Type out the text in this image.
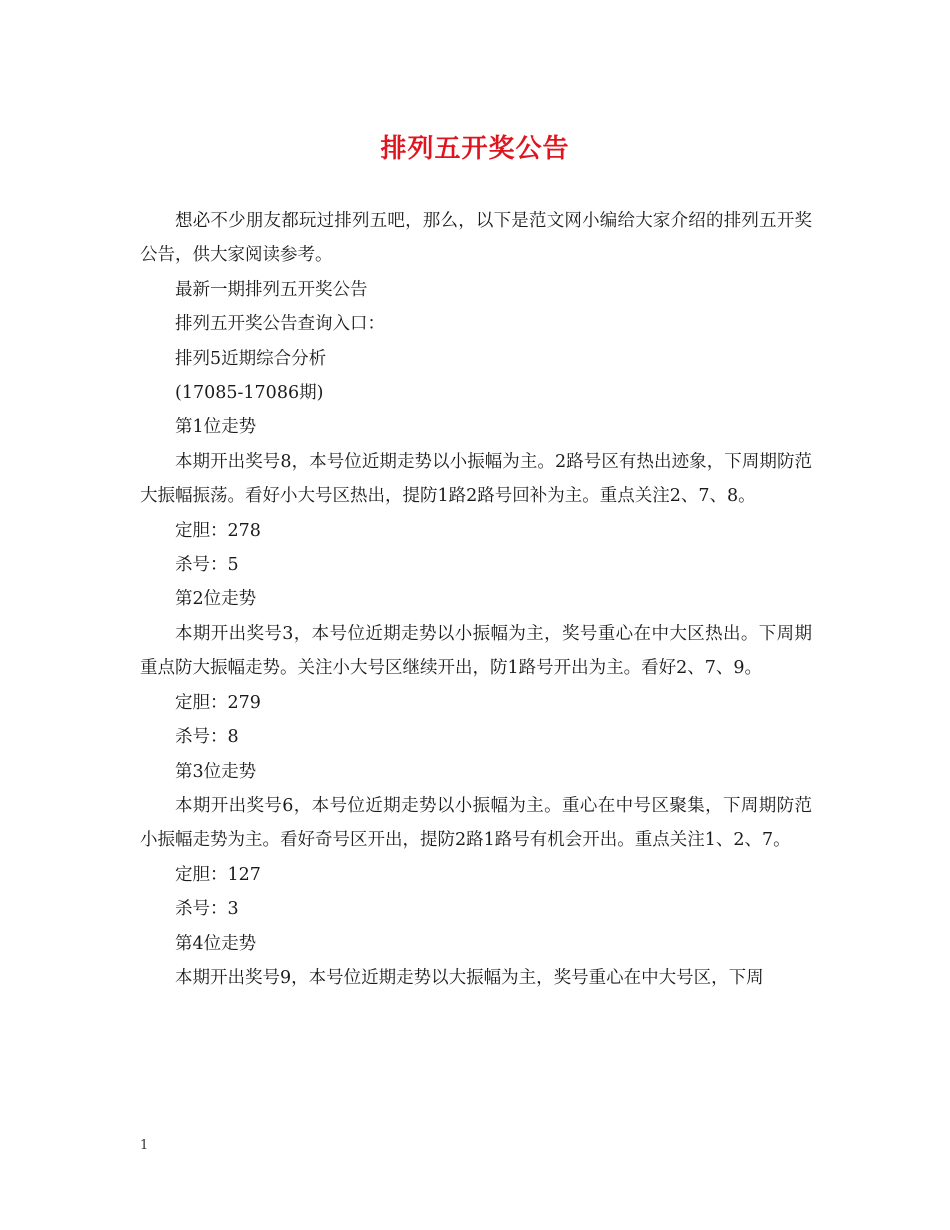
排列五开奖公告

想必不少朋友都玩过排列五吧，那么，以下是范文网小编给大家介绍的排列五开奖公告，供大家阅读参考。

最新一期排列五开奖公告

排列五开奖公告查询入口：

排列5近期综合分析

(17085-17086期)

第1位走势

本期开出奖号8，本号位近期走势以小振幅为主。2路号区有热出迹象，下周期防范大振幅振荡。看好小大号区热出，提防1路2路号回补为主。重点关注2、7、8。

定胆：278

杀号：5

第2位走势

本期开出奖号3，本号位近期走势以小振幅为主，奖号重心在中大区热出。下周期重点防大振幅走势。关注小大号区继续开出，防1路号开出为主。看好2、7、9。

定胆：279

杀号：8

第3位走势

本期开出奖号6，本号位近期走势以小振幅为主。重心在中号区聚集，下周期防范小振幅走势为主。看好奇号区开出，提防2路1路号有机会开出。重点关注1、2、7。

定胆：127

杀号：3

第4位走势

本期开出奖号9，本号位近期走势以大振幅为主，奖号重心在中大号区，下周

1
